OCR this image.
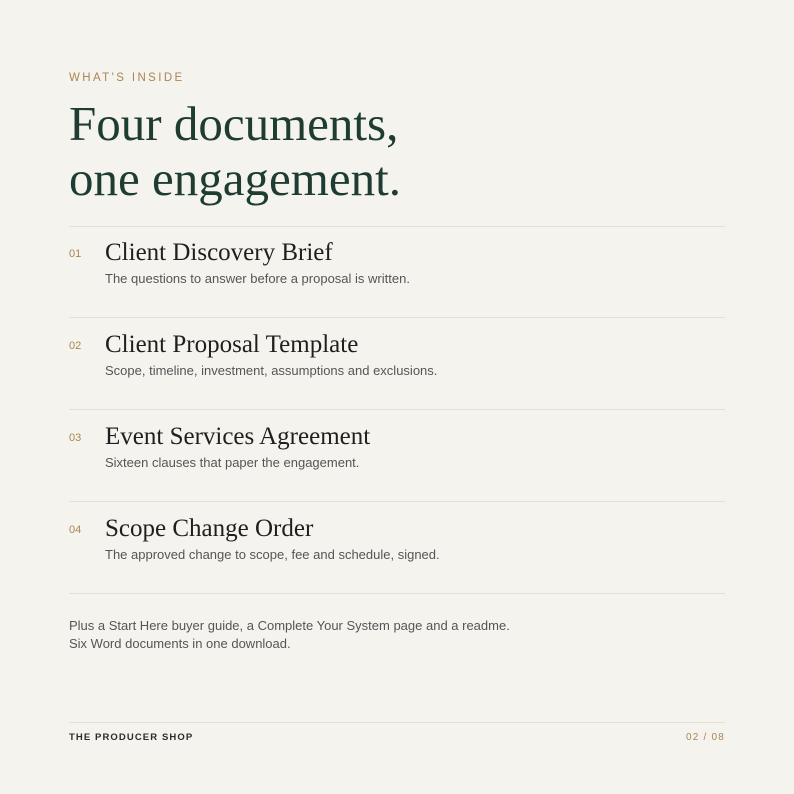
WHAT'S INSIDE
Four documents,
one engagement.
01 Client Discovery Brief
The questions to answer before a proposal is written.
02 Client Proposal Template
Scope, timeline, investment, assumptions and exclusions.
03 Event Services Agreement
Sixteen clauses that paper the engagement.
04 Scope Change Order
The approved change to scope, fee and schedule, signed.
Plus a Start Here buyer guide, a Complete Your System page and a readme.
Six Word documents in one download.
THE PRODUCER SHOP	02 / 08
